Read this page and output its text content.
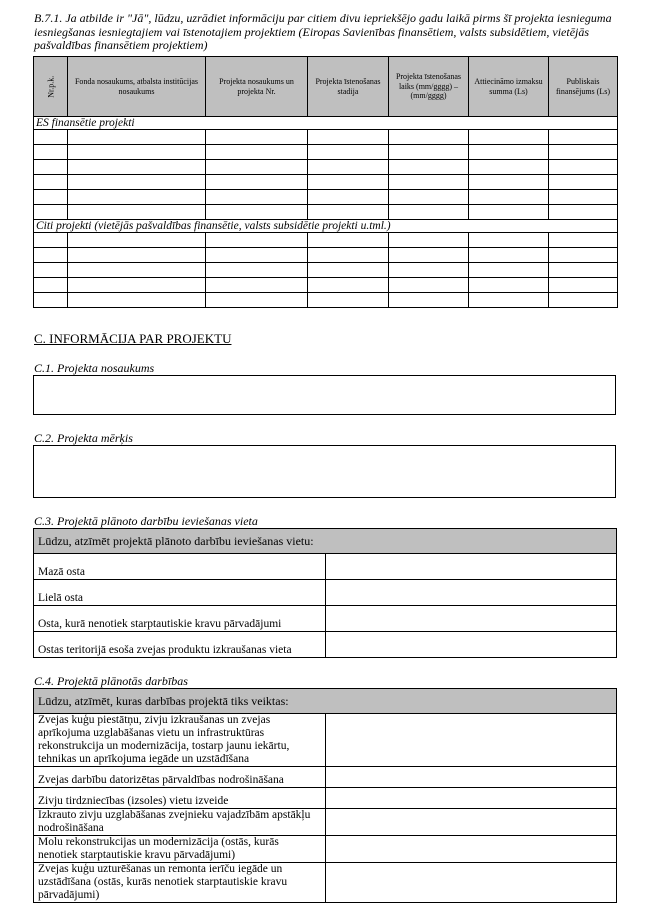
B.7.1. Ja atbilde ir "Jā", lūdzu, uzrādiet informāciju par citiem divu iepriekšējo gadu laikā pirms šī projekta iesnieguma iesniegšanas iesniegtajiem vai īstenotajiem projektiem (Eiropas Savienības finansētiem, valsts subsidētiem, vietējās pašvaldības finansētiem projektiem)
Nr.p.k.	Fonda nosaukums, atbalsta institūcijas nosaukums	Projekta nosaukums un projekta Nr.	Projekta īstenošanas stadija	Projekta īstenošanas laiks (mm/gggg) – (mm/gggg)	Attiecināmo izmaksu summa (Ls)	Publiskais finansējums (Ls)
ES finansētie projekti						

Citi projekti (vietējās pašvaldības finansētie, valsts subsidētie projekti u.tml.)						

C. INFORMĀCIJA PAR PROJEKTU
C.1. Projekta nosaukums
C.2. Projekta mērķis
C.3. Projektā plānoto darbību ieviešanas vieta
Lūdzu, atzīmēt projektā plānoto darbību ieviešanas vietu:	
Mazā osta	
Lielā osta	
Osta, kurā nenotiek starptautiskie kravu pārvadājumi	
Ostas teritorijā esoša zvejas produktu izkraušanas vieta	
C.4. Projektā plānotās darbības
Lūdzu, atzīmēt, kuras darbības projektā tiks veiktas:	
Zvejas kuģu piestātņu, zivju izkraušanas un zvejas aprīkojuma uzglabāšanas vietu un infrastruktūras rekonstrukcija un modernizācija, tostarp jaunu iekārtu, tehnikas un aprīkojuma iegāde un uzstādīšana	
Zvejas darbību datorizētas pārvaldības nodrošināšana	
Zivju tirdzniecības (izsoles) vietu izveide	
Izkrauto zivju uzglabāšanas zvejnieku vajadzībām apstākļu nodrošināšana	
Molu rekonstrukcijas un modernizācija (ostās, kurās nenotiek starptautiskie kravu pārvadājumi)	
Zvejas kuģu uzturēšanas un remonta ierīču iegāde un uzstādīšana (ostās, kurās nenotiek starptautiskie kravu pārvadājumi)	
